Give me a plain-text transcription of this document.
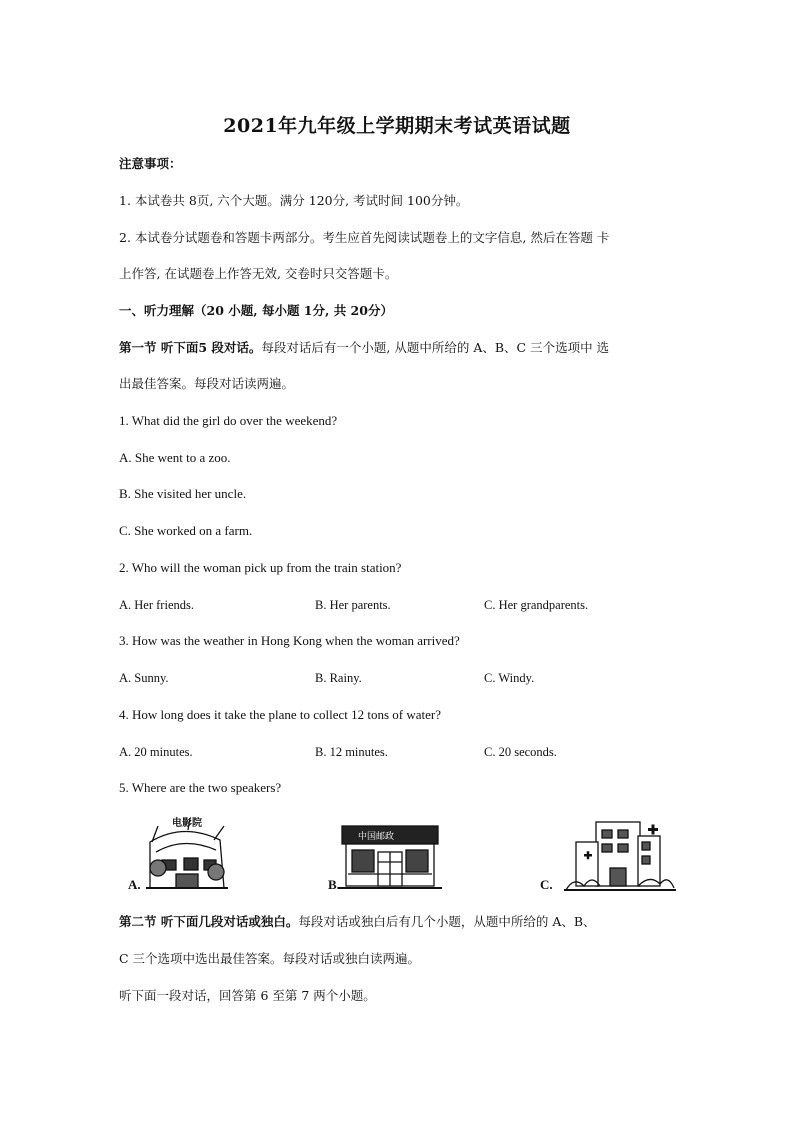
2021年九年级上学期期末考试英语试题
注意事项：
1. 本试卷共 8页, 六个大题。满分 120分, 考试时间 100分钟。
2. 本试卷分试题卷和答题卡两部分。考生应首先阅读试题卷上的文字信息, 然后在答题 卡
上作答, 在试题卷上作答无效, 交卷时只交答题卡。
一、听力理解（20 小题, 每小题 1分, 共 20分）
第一节 听下面5 段对话。每段对话后有一个小题, 从题中所给的 A、B、C 三个选项中 选
出最佳答案。每段对话读两遍。
1. What did the girl do over the weekend?
A. She went to a zoo.
B. She visited her uncle.
C. She worked on a farm.
2. Who will the woman pick up from the train station?
A. Her friends.	B. Her parents.	C. Her grandparents.
3. How was the weather in Hong Kong when the woman arrived?
A. Sunny.	B. Rainy.	C. Windy.
4. How long does it take the plane to collect 12 tons of water?
A. 20 minutes.	B. 12 minutes.	C. 20 seconds.
5. Where are the two speakers?
电影院
A.
中国邮政
B.	C.
第二节 听下面几段对话或独白。每段对话或独白后有几个小题，从题中所给的 A、B、
C 三个选项中选出最佳答案。每段对话或独白读两遍。
听下面一段对话，回答第 6 至第 7 两个小题。
